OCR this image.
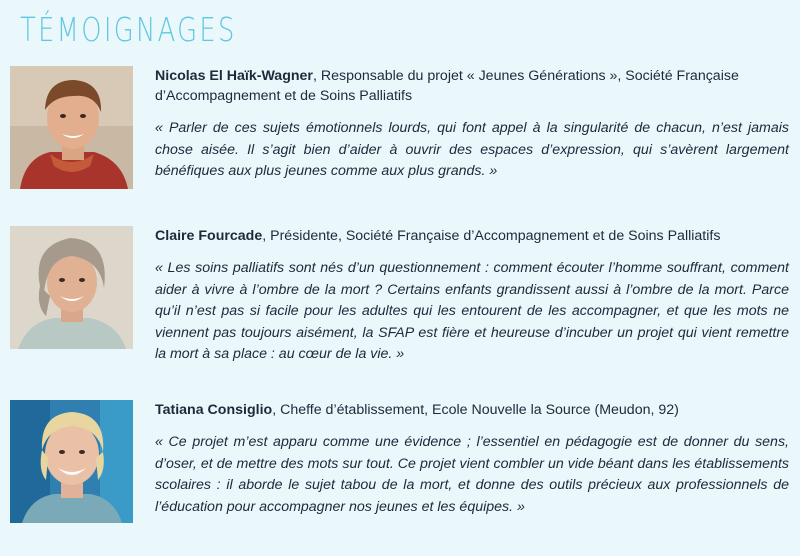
TÉMOIGNAGES

Nicolas El Haïk-Wagner, Responsable du projet « Jeunes Générations », Société Française d’Accompagnement et de Soins Palliatifs

« Parler de ces sujets émotionnels lourds, qui font appel à la singularité de chacun, n’est jamais chose aisée. Il s’agit bien d’aider à ouvrir des espaces d’expression, qui s’avèrent largement bénéfiques aux plus jeunes comme aux plus grands. »

Claire Fourcade, Présidente, Société Française d’Accompagnement et de Soins Palliatifs

« Les soins palliatifs sont nés d’un questionnement : comment écouter l’homme souffrant, comment aider à vivre à l’ombre de la mort ? Certains enfants grandissent aussi à l’ombre de la mort. Parce qu’il n’est pas si facile pour les adultes qui les entourent de les accompagner, et que les mots ne viennent pas toujours aisément, la SFAP est fière et heureuse d’incuber un projet qui vient remettre la mort à sa place : au cœur de la vie. »

Tatiana Consiglio, Cheffe d’établissement, Ecole Nouvelle la Source (Meudon, 92)

« Ce projet m’est apparu comme une évidence ; l’essentiel en pédagogie est de donner du sens, d’oser, et de mettre des mots sur tout. Ce projet vient combler un vide béant dans les établissements scolaires : il aborde le sujet tabou de la mort, et donne des outils précieux aux professionnels de l’éducation pour accompagner nos jeunes et les équipes. »
